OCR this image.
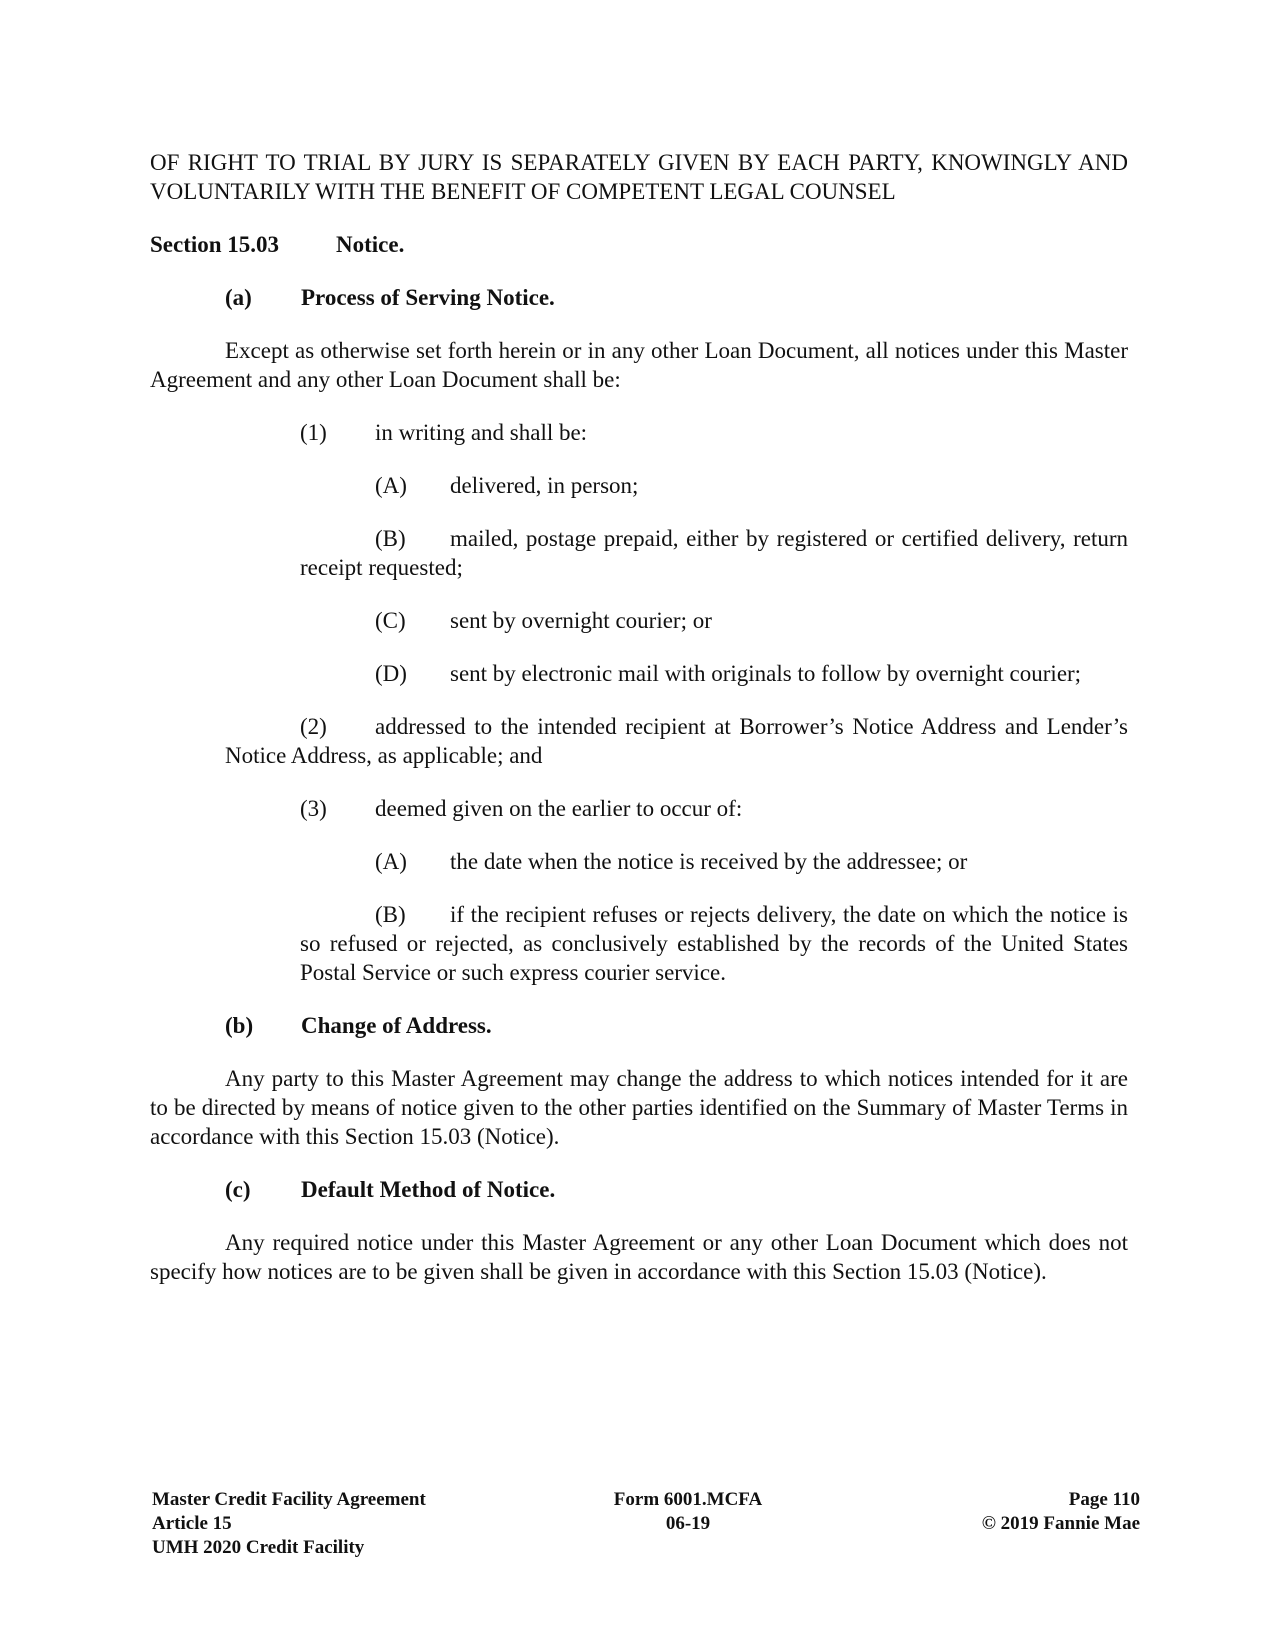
OF RIGHT TO TRIAL BY JURY IS SEPARATELY GIVEN BY EACH PARTY, KNOWINGLY AND VOLUNTARILY WITH THE BENEFIT OF COMPETENT LEGAL COUNSEL

Section 15.03 Notice.

(a) Process of Serving Notice.

Except as otherwise set forth herein or in any other Loan Document, all notices under this Master Agreement and any other Loan Document shall be:

(1) in writing and shall be:

(A) delivered, in person;

(B) mailed, postage prepaid, either by registered or certified delivery, return receipt requested;

(C) sent by overnight courier; or

(D) sent by electronic mail with originals to follow by overnight courier;

(2) addressed to the intended recipient at Borrower’s Notice Address and Lender’s Notice Address, as applicable; and

(3) deemed given on the earlier to occur of:

(A) the date when the notice is received by the addressee; or

(B) if the recipient refuses or rejects delivery, the date on which the notice is so refused or rejected, as conclusively established by the records of the United States Postal Service or such express courier service.

(b) Change of Address.

Any party to this Master Agreement may change the address to which notices intended for it are to be directed by means of notice given to the other parties identified on the Summary of Master Terms in accordance with this Section 15.03 (Notice).

(c) Default Method of Notice.

Any required notice under this Master Agreement or any other Loan Document which does not specify how notices are to be given shall be given in accordance with this Section 15.03 (Notice).

Master Credit Facility Agreement
Article 15
UMH 2020 Credit Facility
Form 6001.MCFA
06-19
Page 110
© 2019 Fannie Mae
